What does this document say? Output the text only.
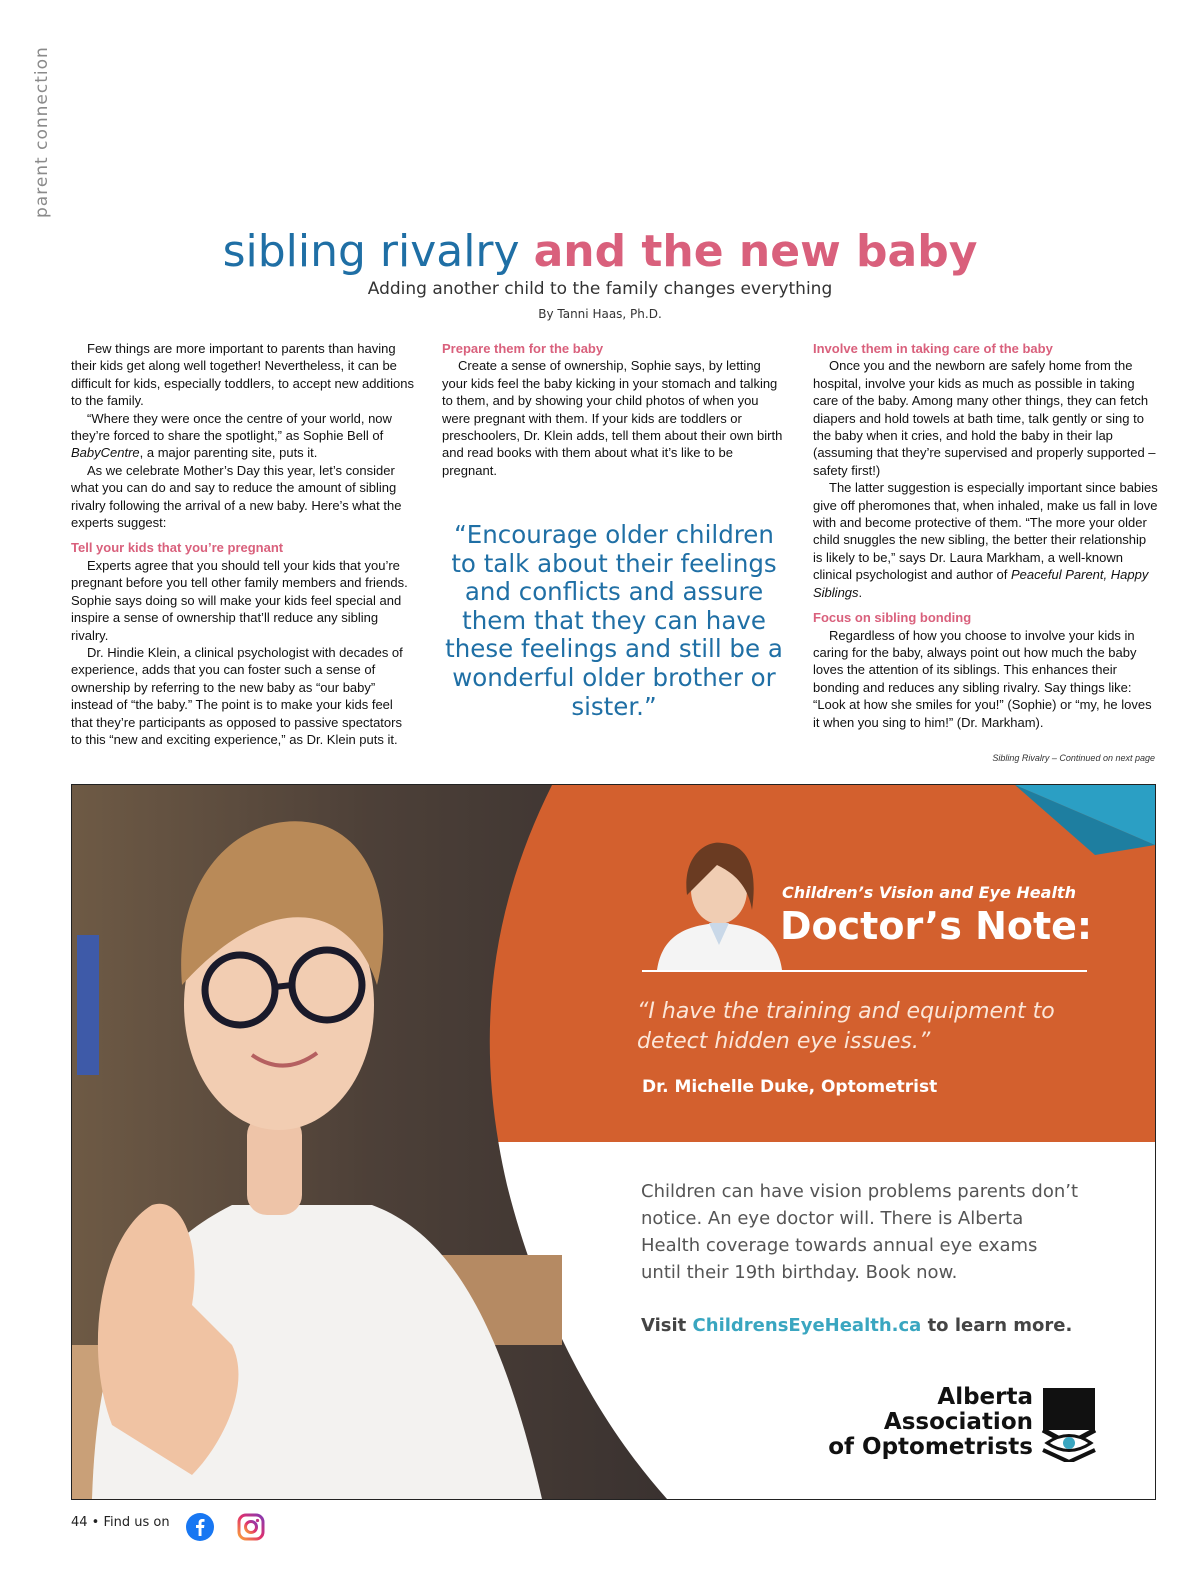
parent connection
sibling rivalry and the new baby
Adding another child to the family changes everything
By Tanni Haas, Ph.D.

Few things are more important to parents than having their kids get along well together! Nevertheless, it can be difficult for kids, especially toddlers, to accept new additions to the family.

“Where they were once the centre of your world, now they’re forced to share the spotlight,” as Sophie Bell of BabyCentre, a major parenting site, puts it.

As we celebrate Mother’s Day this year, let’s consider what you can do and say to reduce the amount of sibling rivalry following the arrival of a new baby. Here’s what the experts suggest:

Tell your kids that you’re pregnant

Experts agree that you should tell your kids that you’re pregnant before you tell other family members and friends. Sophie says doing so will make your kids feel special and inspire a sense of ownership that’ll reduce any sibling rivalry.

Dr. Hindie Klein, a clinical psychologist with decades of experience, adds that you can foster such a sense of ownership by referring to the new baby as “our baby” instead of “the baby.” The point is to make your kids feel that they’re participants as opposed to passive spectators to this “new and exciting experience,” as Dr. Klein puts it.

Prepare them for the baby

Create a sense of ownership, Sophie says, by letting your kids feel the baby kicking in your stomach and talking to them, and by showing your child photos of when you were pregnant with them. If your kids are toddlers or preschoolers, Dr. Klein adds, tell them about their own birth and read books with them about what it’s like to be pregnant.

“Encourage older children to talk about their feelings and conflicts and assure them that they can have these feelings and still be a wonderful older brother or sister.”
Involve them in taking care of the baby

Once you and the newborn are safely home from the hospital, involve your kids as much as possible in taking care of the baby. Among many other things, they can fetch diapers and hold towels at bath time, talk gently or sing to the baby when it cries, and hold the baby in their lap (assuming that they’re supervised and properly supported – safety first!)

The latter suggestion is especially important since babies give off pheromones that, when inhaled, make us fall in love with and become protective of them. “The more your older child snuggles the new sibling, the better their relationship is likely to be,” says Dr. Laura Markham, a well-known clinical psychologist and author of Peaceful Parent, Happy Siblings.

Focus on sibling bonding

Regardless of how you choose to involve your kids in caring for the baby, always point out how much the baby loves the attention of its siblings. This enhances their bonding and reduces any sibling rivalry. Say things like: “Look at how she smiles for you!” (Sophie) or “my, he loves it when you sing to him!” (Dr. Markham).

Sibling Rivalry – Continued on next page
Children’s Vision and Eye Health
Doctor’s Note:
“I have the training and equipment to detect hidden eye issues.”
Dr. Michelle Duke, Optometrist
Children can have vision problems parents don’t notice. An eye doctor will. There is Alberta Health coverage towards annual eye exams until their 19th birthday. Book now.
Visit ChildrensEyeHealth.ca to learn more.
Alberta
Association
of Optometrists
44 • Find us on
